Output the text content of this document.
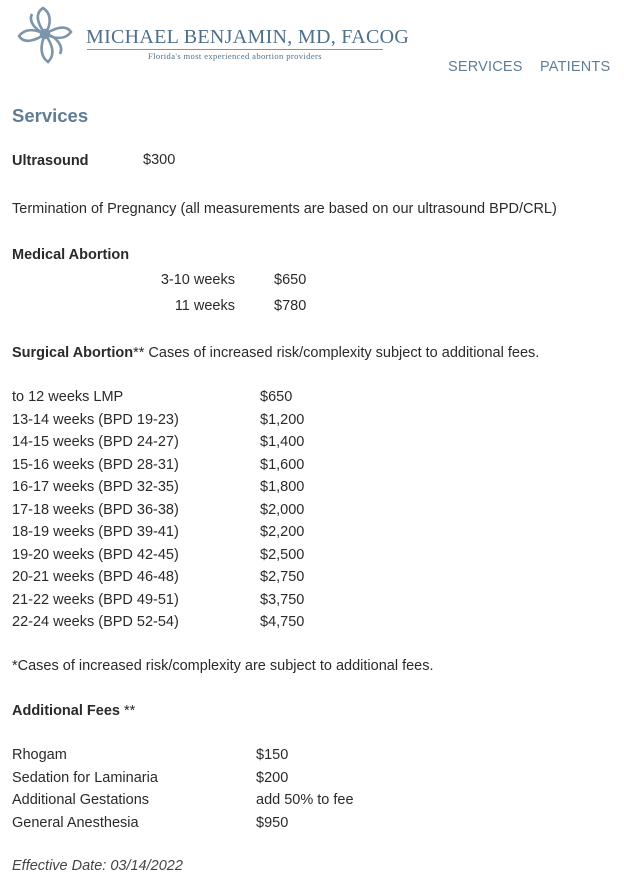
MICHAEL BENJAMIN, MD, FACOG
Florida's most experienced abortion providers
SERVICES PATIENTS
Services
Ultrasound	$300
Termination of Pregnancy (all measurements are based on our ultrasound BPD/CRL)
Medical Abortion
3-10 weeks	$650
11 weeks	$780
Surgical Abortion** Cases of increased risk/complexity subject to additional fees.
to 12 weeks LMP	$650
13-14 weeks (BPD 19-23)	$1,200
14-15 weeks (BPD 24-27)	$1,400
15-16 weeks (BPD 28-31)	$1,600
16-17 weeks (BPD 32-35)	$1,800
17-18 weeks (BPD 36-38)	$2,000
18-19 weeks (BPD 39-41)	$2,200
19-20 weeks (BPD 42-45)	$2,500
20-21 weeks (BPD 46-48)	$2,750
21-22 weeks (BPD 49-51)	$3,750
22-24 weeks (BPD 52-54)	$4,750
*Cases of increased risk/complexity are subject to additional fees.
Additional Fees **
Rhogam	$150
Sedation for Laminaria	$200
Additional Gestations	add 50% to fee
General Anesthesia	$950
Effective Date: 03/14/2022
